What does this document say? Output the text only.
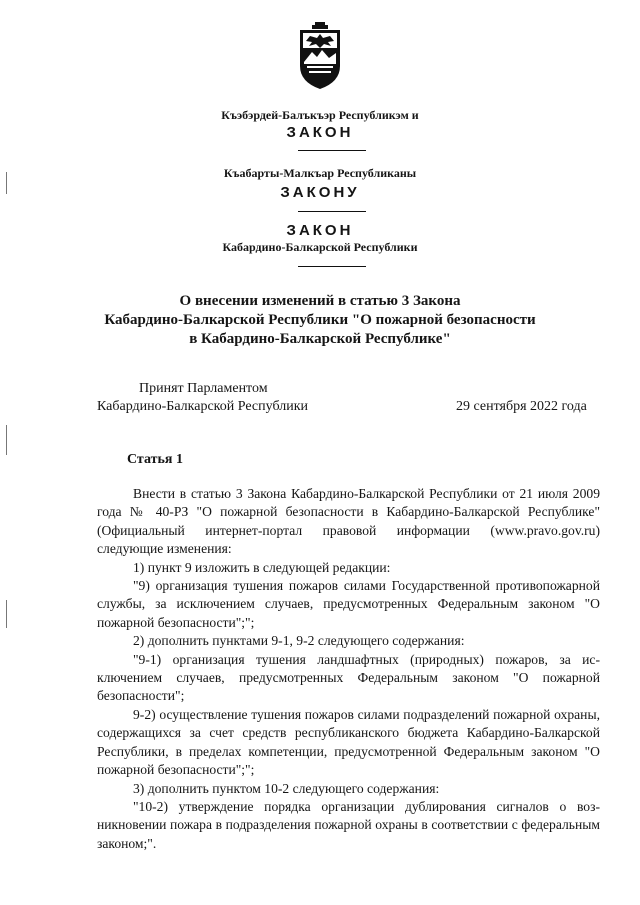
Къэбэрдей-Балъкъэр Республикэм и
ЗАКОН
Къабарты-Малкъар Республиканы
ЗАКОНУ
ЗАКОН
Кабардино-Балкарской Республики
О внесении изменений в статью 3 Закона
Кабардино-Балкарской Республики "О пожарной безопасности
в Кабардино-Балкарской Республике"
Принят Парламентом
Кабардино-Балкарской Республики	29 сентября 2022 года
Статья 1

Внести в статью 3 Закона Кабардино-Балкарской Республики от 21 июля 2009 года № 40-РЗ "О пожарной безопасности в Кабардино-Балкарской Республике" (Официальный интернет-портал правовой информации (www.pravo.gov.ru) следующие изменения:

1) пункт 9 изложить в следующей редакции:

"9) организация тушения пожаров силами Государственной противопожарной службы, за исключением случаев, предусмотренных Федеральным законом "О пожарной безопасности";";

2) дополнить пунктами 9-1, 9-2 следующего содержания:

"9-1) организация тушения ландшафтных (природных) пожаров, за исключением случаев, предусмотренных Федеральным законом "О пожарной безопасности";

9-2) осуществление тушения пожаров силами подразделений пожарной охраны, содержащихся за счет средств республиканского бюджета Кабардино-Балкарской Республики, в пределах компетенции, предусмотренной Федеральным законом "О пожарной безопасности";";

3) дополнить пунктом 10-2 следующего содержания:

"10-2) утверждение порядка организации дублирования сигналов о возникновении пожара в подразделения пожарной охраны в соответствии с федеральным законом;".
